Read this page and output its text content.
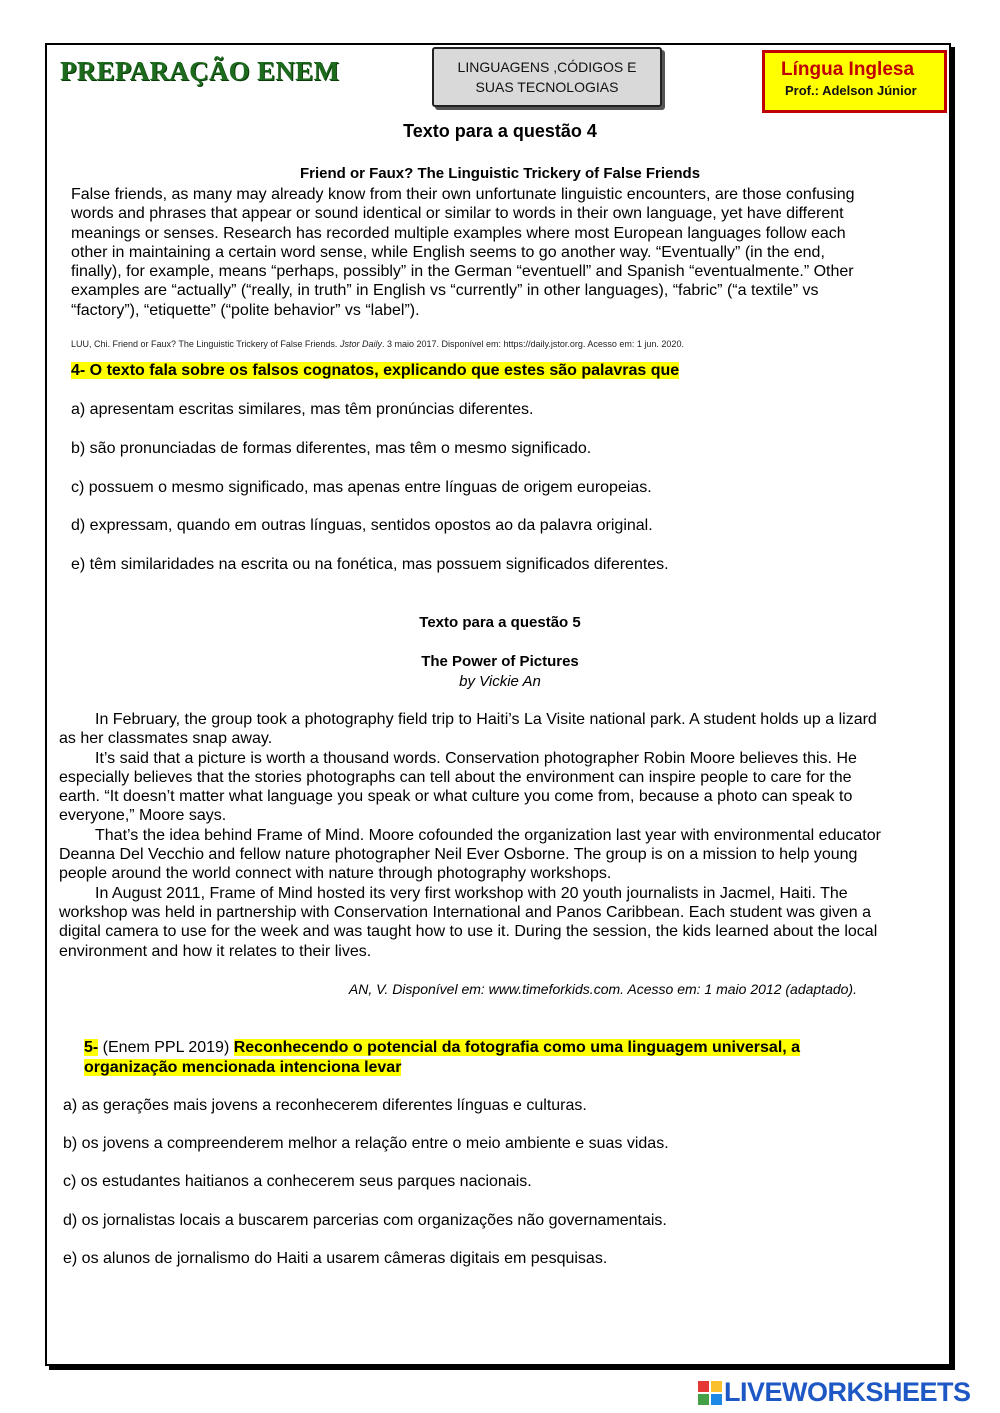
PREPARAÇÃO ENEM	LINGUAGENS ,CÓDIGOS E
SUAS TECNOLOGIAS
Língua Inglesa
Prof.: Adelson Júnior
Texto para a questão 4
Friend or Faux? The Linguistic Trickery of False Friends
False friends, as many may already know from their own unfortunate linguistic encounters, are those confusing
words and phrases that appear or sound identical or similar to words in their own language, yet have different
meanings or senses. Research has recorded multiple examples where most European languages follow each
other in maintaining a certain word sense, while English seems to go another way. “Eventually” (in the end,
finally), for example, means “perhaps, possibly” in the German “eventuell” and Spanish “eventualmente.” Other
examples are “actually” (“really, in truth” in English vs “currently” in other languages), “fabric” (“a textile” vs
“factory”), “etiquette” (“polite behavior” vs “label”).
LUU, Chi. Friend or Faux? The Linguistic Trickery of False Friends. Jstor Daily. 3 maio 2017. Disponível em: https://daily.jstor.org. Acesso em: 1 jun. 2020.
4- O texto fala sobre os falsos cognatos, explicando que estes são palavras que
a) apresentam escritas similares, mas têm pronúncias diferentes.
b) são pronunciadas de formas diferentes, mas têm o mesmo significado.
c) possuem o mesmo significado, mas apenas entre línguas de origem europeias.
d) expressam, quando em outras línguas, sentidos opostos ao da palavra original.
e) têm similaridades na escrita ou na fonética, mas possuem significados diferentes.
Texto para a questão 5
The Power of Pictures
by Vickie An

In February, the group took a photography field trip to Haiti’s La Visite national park. A student holds up a lizard as her classmates snap away.

It’s said that a picture is worth a thousand words. Conservation photographer Robin Moore believes this. He especially believes that the stories photographs can tell about the environment can inspire people to care for the earth. “It doesn’t matter what language you speak or what culture you come from, because a photo can speak to everyone,” Moore says.

That’s the idea behind Frame of Mind. Moore cofounded the organization last year with environmental educator Deanna Del Vecchio and fellow nature photographer Neil Ever Osborne. The group is on a mission to help young people around the world connect with nature through photography workshops.

In August 2011, Frame of Mind hosted its very first workshop with 20 youth journalists in Jacmel, Haiti. The workshop was held in partnership with Conservation International and Panos Caribbean. Each student was given a digital camera to use for the week and was taught how to use it. During the session, the kids learned about the local environment and how it relates to their lives.

AN, V. Disponível em: www.timeforkids.com. Acesso em: 1 maio 2012 (adaptado).
5- (Enem PPL 2019) Reconhecendo o potencial da fotografia como uma linguagem universal, a
organização mencionada intenciona levar
a) as gerações mais jovens a reconhecerem diferentes línguas e culturas.
b) os jovens a compreenderem melhor a relação entre o meio ambiente e suas vidas.
c) os estudantes haitianos a conhecerem seus parques nacionais.
d) os jornalistas locais a buscarem parcerias com organizações não governamentais.
e) os alunos de jornalismo do Haiti a usarem câmeras digitais em pesquisas.
LIVEWORKSHEETS
